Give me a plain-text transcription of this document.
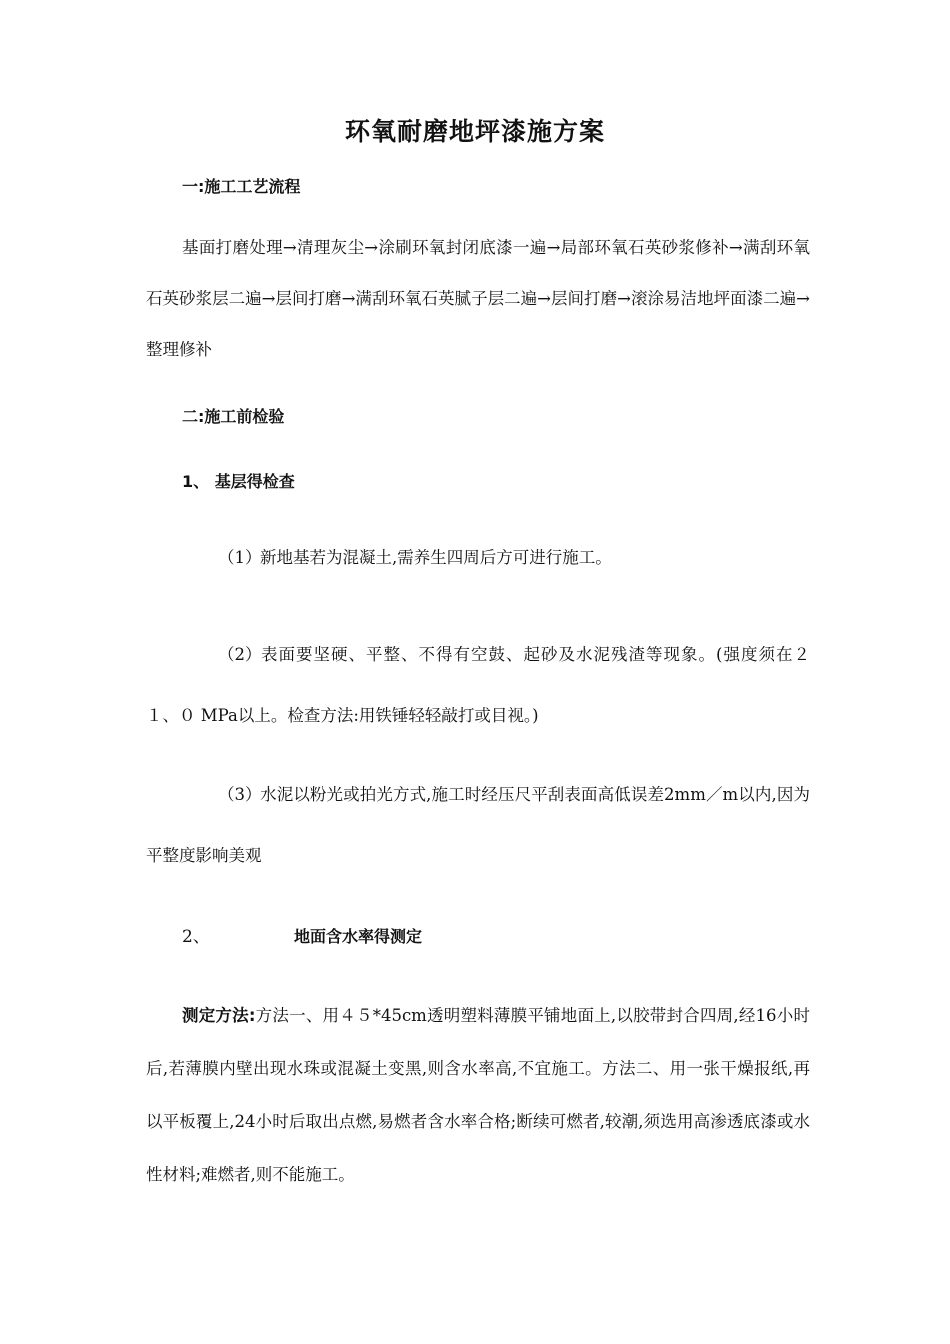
环氧耐磨地坪漆施方案
一:施工工艺流程
基面打磨处理→清理灰尘→涂刷环氧封闭底漆一遍→局部环氧石英砂浆修补→满刮环氧石英砂浆层二遍→层间打磨→满刮环氧石英腻子层二遍→层间打磨→滚涂易洁地坪面漆二遍→整理修补
二:施工前检验
1、 基层得检查
（1）新地基若为混凝土,需养生四周后方可进行施工。
（2）表面要坚硬、平整、不得有空鼓、起砂及水泥残渣等现象。(强度须在２１、０ MPa以上。检查方法:用铁锤轻轻敲打或目视。)
（3）水泥以粉光或拍光方式,施工时经压尺平刮表面高低误差2mm／m以内,因为平整度影响美观
2、	地面含水率得测定
测定方法:方法一、用４５*45cm透明塑料薄膜平铺地面上,以胶带封合四周,经16小时后,若薄膜内壁出现水珠或混凝土变黑,则含水率高,不宜施工。方法二、用一张干燥报纸,再以平板覆上,24小时后取出点燃,易燃者含水率合格;断续可燃者,较潮,须选用高渗透底漆或水性材料;难燃者,则不能施工。
